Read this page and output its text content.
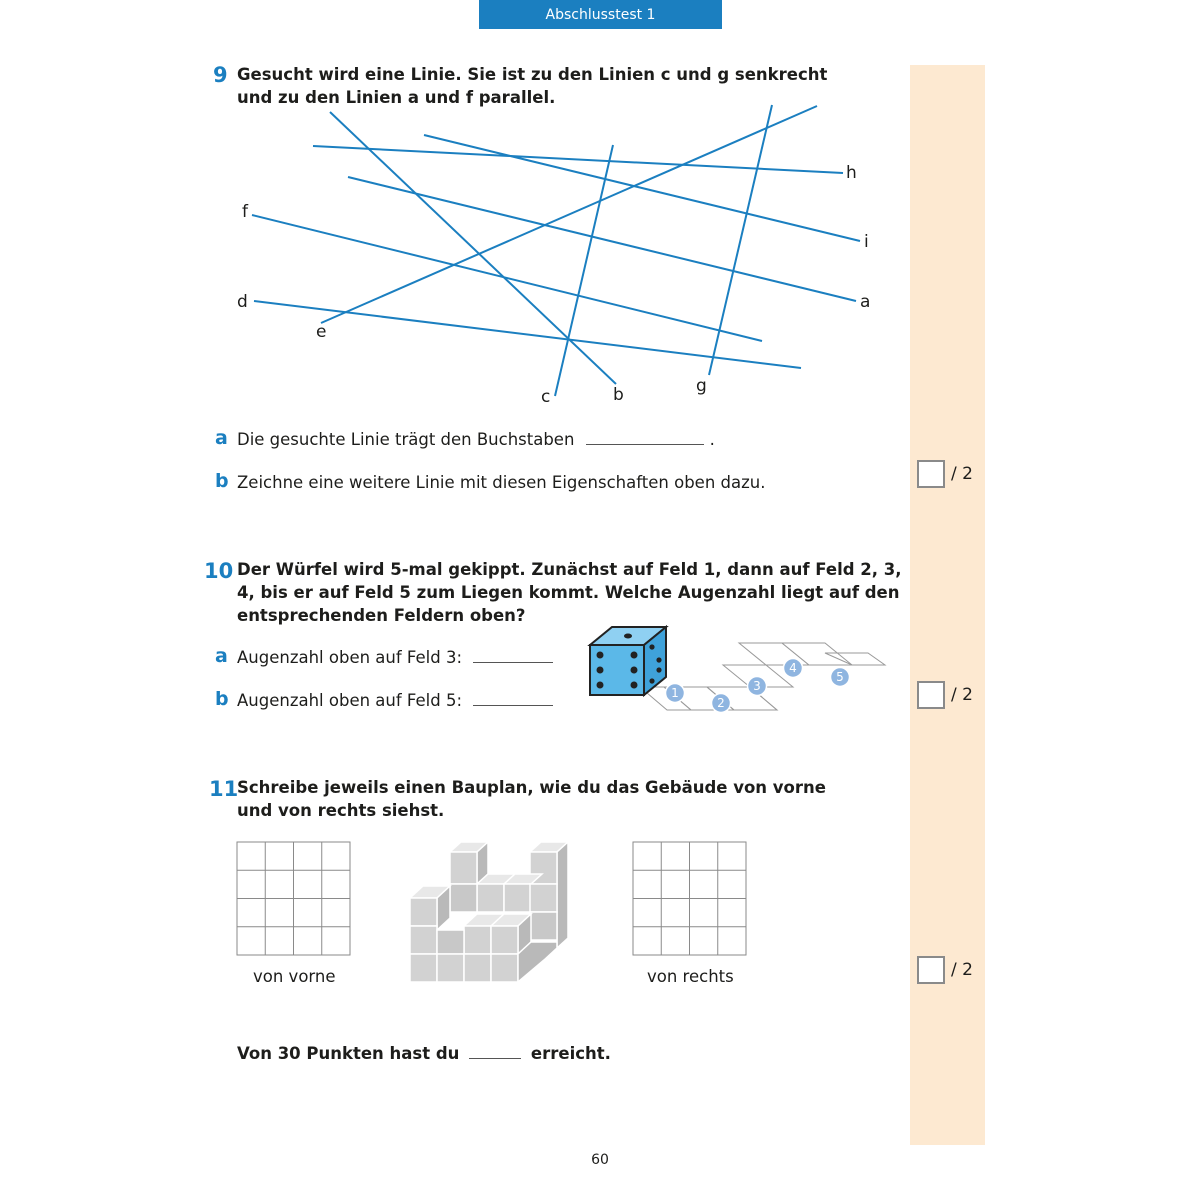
Abschlusstest 1
9 Gesucht wird eine Linie. Sie ist zu den Linien c und g senkrecht und zu den Linien a und f parallel.
a
b
c
d
e
f
g
h
i
a Die gesuchte Linie trägt den Buchstaben	.
b Zeichne eine weitere Linie mit diesen Eigenschaften oben dazu.	/ 2
10 Der Würfel wird 5-mal gekippt. Zunächst auf Feld 1, dann auf Feld 2, 3, 4, bis er auf Feld 5 zum Liegen kommt. Welche Augenzahl liegt auf den entsprechenden Feldern oben?
a Augenzahl oben auf Feld 3:
b Augenzahl oben auf Feld 5:	1
2
3
4
5
/ 2
11
Schreibe jeweils einen Bauplan, wie du das Gebäude von vorne und von rechts siehst.
von vorne	von rechts	/ 2
Von 30 Punkten hast du	erreicht.
60
